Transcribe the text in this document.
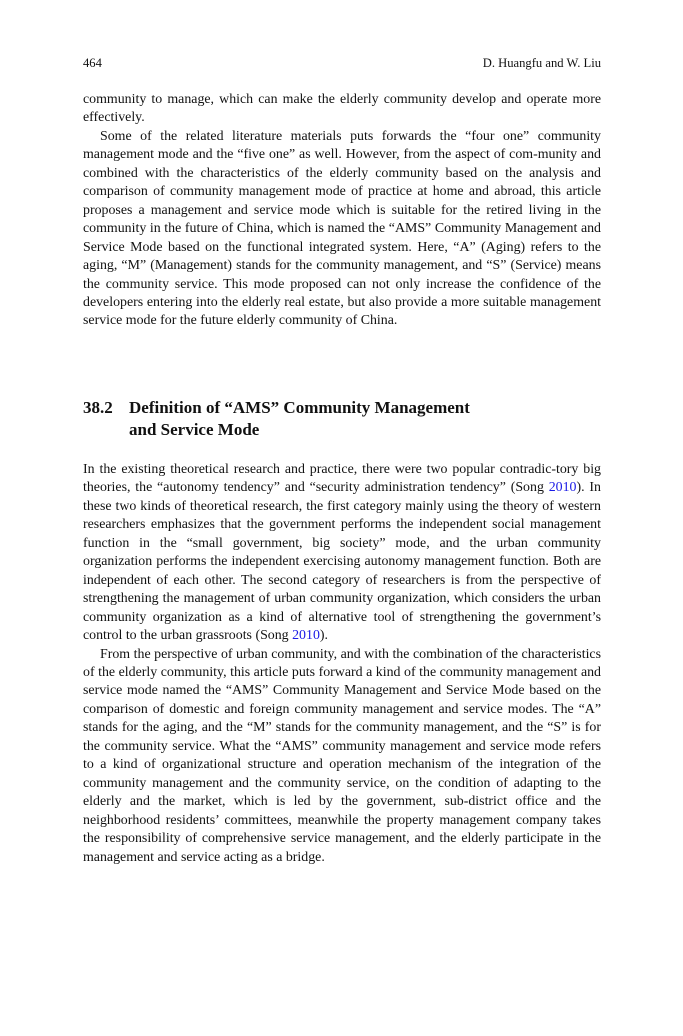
464	D. Huangfu and W. Liu

community to manage, which can make the elderly community develop and operate more effectively.

Some of the related literature materials puts forwards the “four one” community management mode and the “five one” as well. However, from the aspect of com-munity and combined with the characteristics of the elderly community based on the analysis and comparison of community management mode of practice at home and abroad, this article proposes a management and service mode which is suitable for the retired living in the community in the future of China, which is named the “AMS” Community Management and Service Mode based on the functional integrated system. Here, “A” (Aging) refers to the aging, “M” (Management) stands for the community management, and “S” (Service) means the community service. This mode proposed can not only increase the confidence of the developers entering into the elderly real estate, but also provide a more suitable management service mode for the future elderly community of China.

38.2 Definition of “AMS” Community Management
and Service Mode

In the existing theoretical research and practice, there were two popular contradic-tory big theories, the “autonomy tendency” and “security administration tendency” (Song 2010). In these two kinds of theoretical research, the first category mainly using the theory of western researchers emphasizes that the government performs the independent social management function in the “small government, big society” mode, and the urban community organization performs the independent exercising autonomy management function. Both are independent of each other. The second category of researchers is from the perspective of strengthening the management of urban community organization, which considers the urban community organization as a kind of alternative tool of strengthening the government’s control to the urban grassroots (Song 2010).

From the perspective of urban community, and with the combination of the characteristics of the elderly community, this article puts forward a kind of the community management and service mode named the “AMS” Community Management and Service Mode based on the comparison of domestic and foreign community management and service modes. The “A” stands for the aging, and the “M” stands for the community management, and the “S” is for the community service. What the “AMS” community management and service mode refers to a kind of organizational structure and operation mechanism of the integration of the community management and the community service, on the condition of adapting to the elderly and the market, which is led by the government, sub-district office and the neighborhood residents’ committees, meanwhile the property management company takes the responsibility of comprehensive service management, and the elderly participate in the management and service acting as a bridge.
